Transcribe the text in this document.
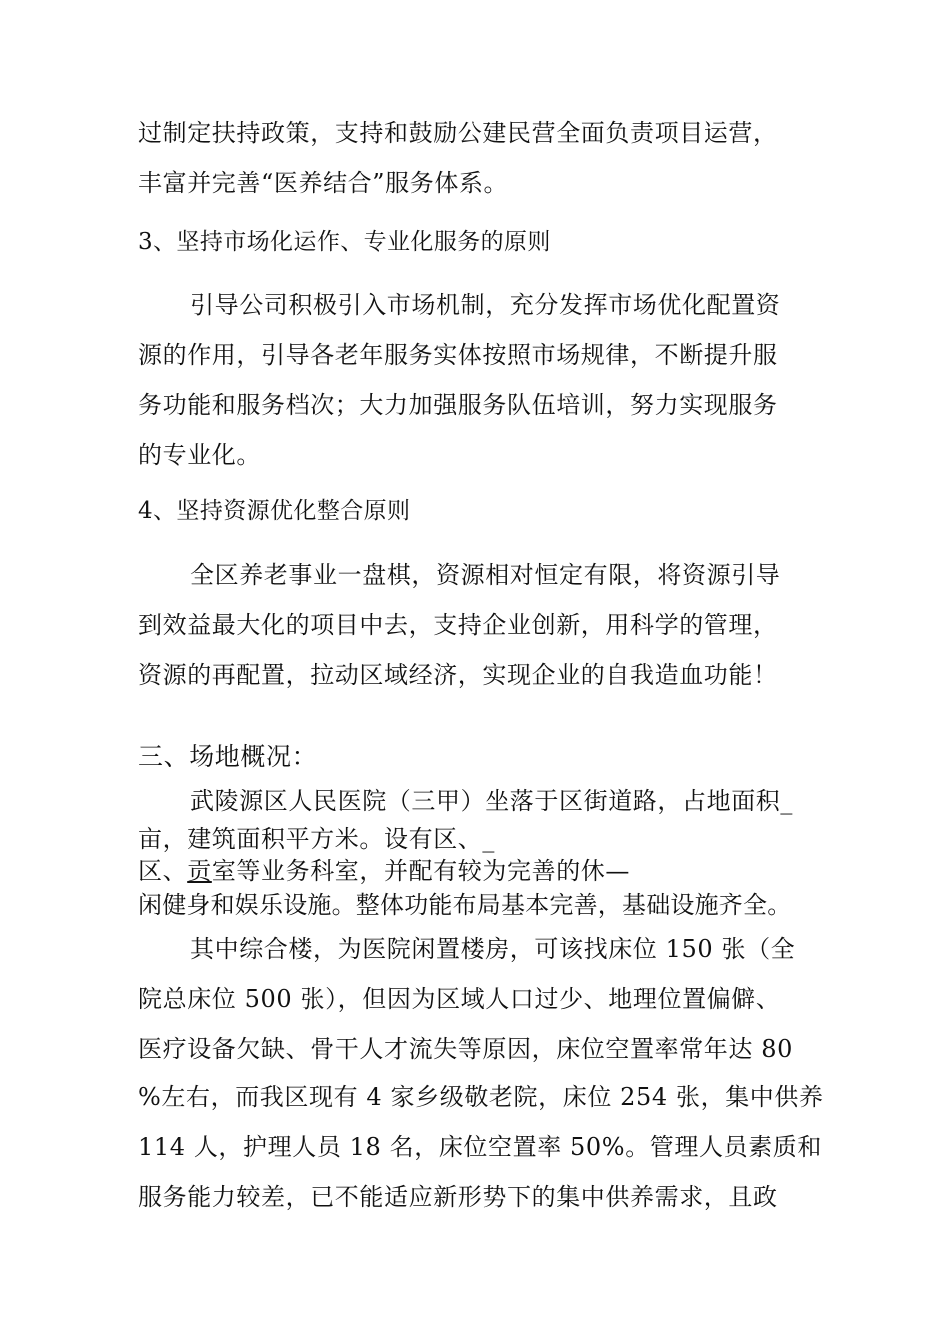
过制定扶持政策，支持和鼓励公建民营全面负责项目运营，
丰富并完善“医养结合”服务体系。
3、坚持市场化运作、专业化服务的原则
引导公司积极引入市场机制，充分发挥市场优化配置资
源的作用，引导各老年服务实体按照市场规律，不断提升服
务功能和服务档次；大力加强服务队伍培训，努力实现服务
的专业化。
4、坚持资源优化整合原则
全区养老事业一盘棋，资源相对恒定有限，将资源引导
到效益最大化的项目中去，支持企业创新，用科学的管理，
资源的再配置，拉动区域经济，实现企业的自我造血功能！
三、场地概况：
武陵源区人民医院（三甲）坐落于区街道路，占地面积_
亩，建筑面积平方米。设有区、_
区、贡室等业务科室，并配有较为完善的休—
闲健身和娱乐设施。整体功能布局基本完善，基础设施齐全。
其中综合楼，为医院闲置楼房，可该找床位 150 张（全
院总床位 500 张），但因为区域人口过少、地理位置偏僻、
医疗设备欠缺、骨干人才流失等原因，床位空置率常年达 80
%左右，而我区现有 4 家乡级敬老院，床位 254 张，集中供养
114 人，护理人员 18 名，床位空置率 50%。管理人员素质和
服务能力较差，已不能适应新形势下的集中供养需求，且政
